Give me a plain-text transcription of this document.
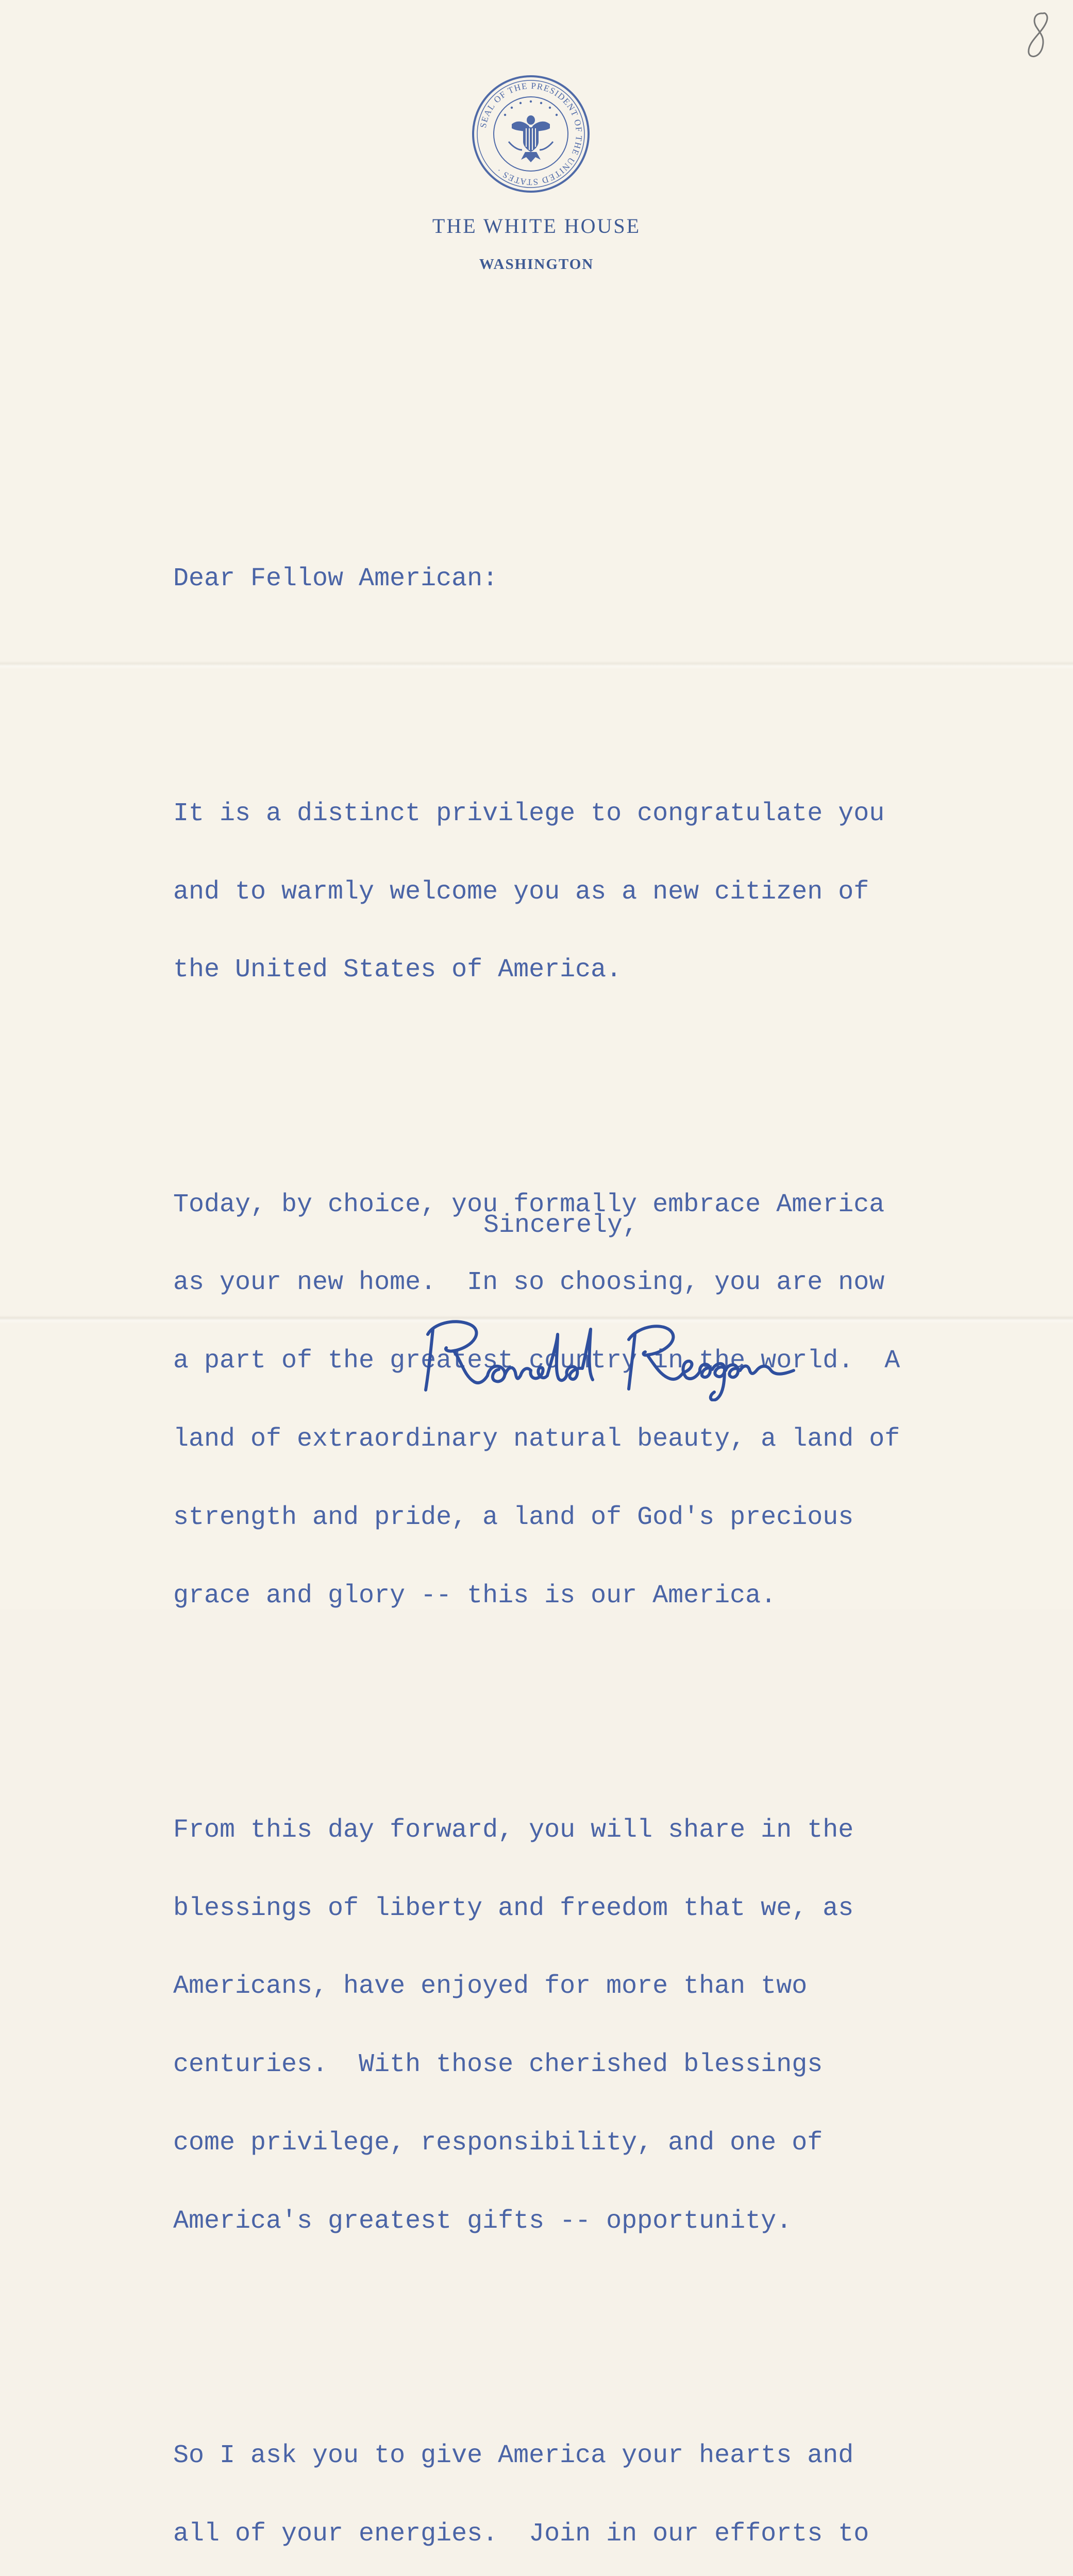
SEAL OF THE PRESIDENT OF THE UNITED STATES ·
THE WHITE HOUSE
WASHINGTON

Dear Fellow American:

It is a distinct privilege to congratulate you

and to warmly welcome you as a new citizen of

the United States of America.

Today, by choice, you formally embrace America

as your new home.  In so choosing, you are now

a part of the greatest country in the world.  A

land of extraordinary natural beauty, a land of

strength and pride, a land of God's precious

grace and glory -- this is our America.

From this day forward, you will share in the

blessings of liberty and freedom that we, as

Americans, have enjoyed for more than two

centuries.  With those cherished blessings

come privilege, responsibility, and one of

America's greatest gifts -- opportunity.

So I ask you to give America your hearts and

all of your energies.  Join in our efforts to

Sincerely,
